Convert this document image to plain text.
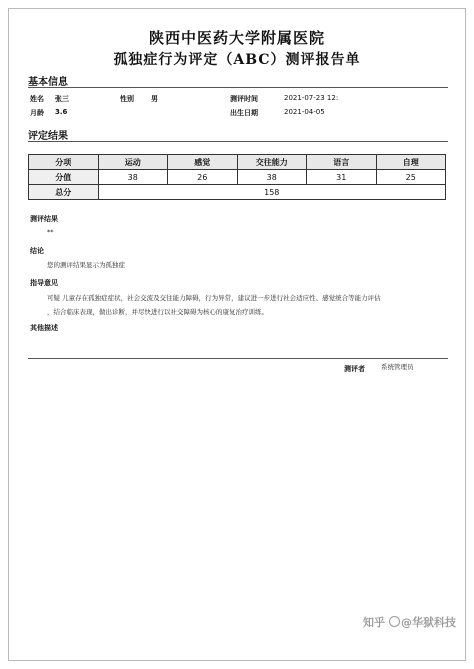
陕西中医药大学附属医院
孤独症行为评定（ABC）测评报告单
基本信息
姓名 张三	性别 男	测评时间	2021-07-23 12:
月龄 3.6	出生日期	2021-04-05
评定结果
分项	运动	感觉	交往能力	语言	自理
分值	38	26	38	31	25
总分	158				
测评结果
**
结论
您的测评结果显示为孤独症
指导意见
可疑 儿童存在孤独症症状，社会交流及交往能力障碍，行为异常，建议进一步进行社会适应性、感觉统合等能力评估
，结合临床表现，做出诊断，并尽快进行以社交障碍为核心的康复治疗训练。
其他描述
测评者 系统管理员
知乎 @华狱科技
